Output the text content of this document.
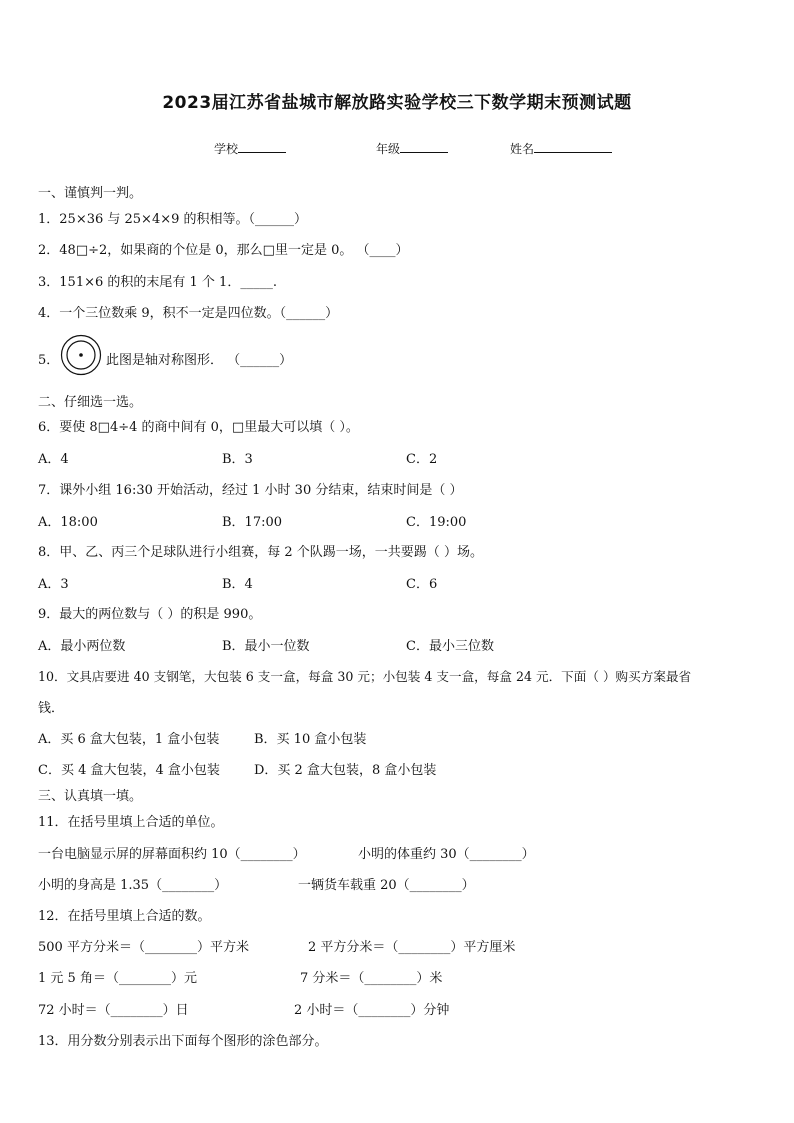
2023届江苏省盐城市解放路实验学校三下数学期末预测试题
学校	年级	姓名
一、谨慎判一判。
1．25×36 与 25×4×9 的积相等。（______）
2．48□÷2，如果商的个位是 0，那么□里一定是 0。 （____）
3．151×6 的积的末尾有 1 个 1．_____.
4．一个三位数乘 9，积不一定是四位数。（______）
5．	此图是轴对称图形． （______）
二、仔细选一选。
6．要使 8□4÷4 的商中间有 0，□里最大可以填（ ）。
A．4	B．3	C．2
7．课外小组 16:30 开始活动，经过 1 小时 30 分结束，结束时间是（ ）
A．18:00	B．17:00	C．19:00
8．甲、乙、丙三个足球队进行小组赛，每 2 个队踢一场，一共要踢（ ）场。
A．3	B．4	C．6
9．最大的两位数与（ ）的积是 990。
A．最小两位数	B．最小一位数	C．最小三位数
10．文具店要进 40 支钢笔，大包装 6 支一盒，每盒 30 元；小包装 4 支一盒，每盒 24 元．下面（ ）购买方案最省
钱．
A．买 6 盒大包装，1 盒小包装	B．买 10 盒小包装
C．买 4 盒大包装，4 盒小包装	D．买 2 盒大包装，8 盒小包装
三、认真填一填。
11．在括号里填上合适的单位。
一台电脑显示屏的屏幕面积约 10（________）	小明的体重约 30（________）
小明的身高是 1.35（________）	一辆货车载重 20（________）
12．在括号里填上合适的数。
500 平方分米＝（________）平方米	2 平方分米＝（________）平方厘米
1 元 5 角＝（________）元	7 分米＝（________）米
72 小时＝（________）日	2 小时＝（________）分钟
13．用分数分别表示出下面每个图形的涂色部分。
